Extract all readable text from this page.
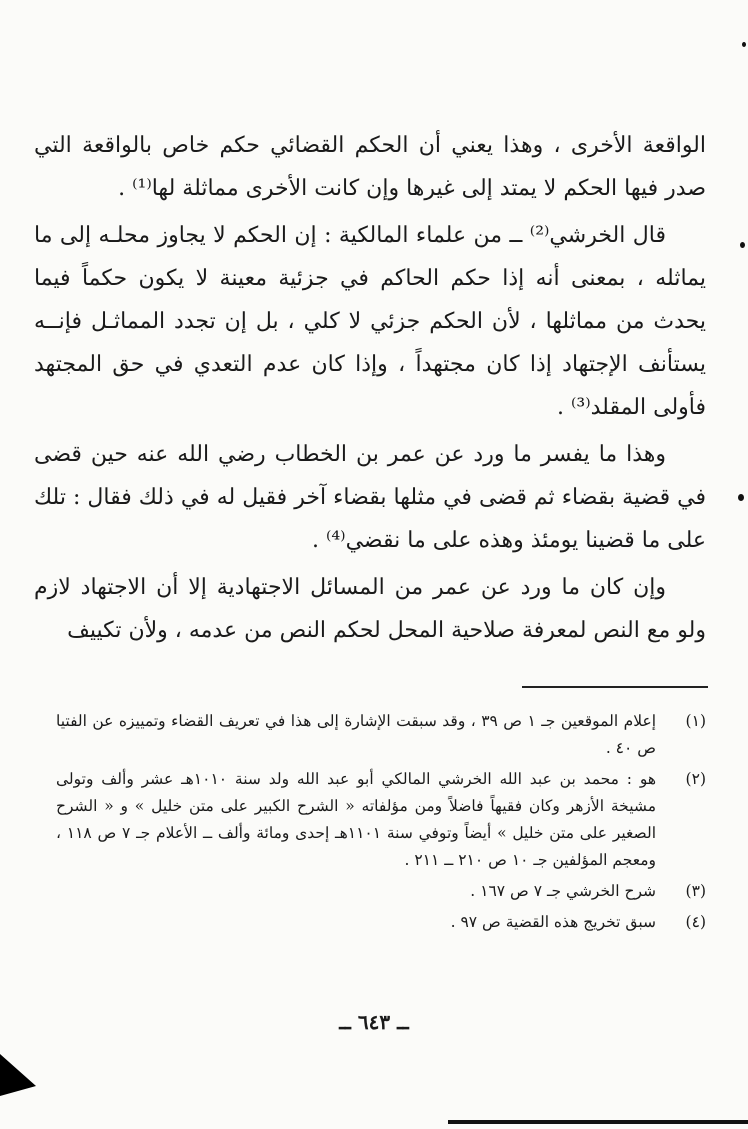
الواقعة الأخرى ، وهذا يعني أن الحكم القضائي حكم خاص بالواقعة التي صدر فيها الحكم لا يمتد إلى غيرها وإن كانت الأخرى مماثلة لها⁽¹⁾ .

قال الخرشي⁽²⁾ ــ من علماء المالكية : إن الحكم لا يجاوز محلـه إلى ما يماثله ، بمعنى أنه إذا حكم الحاكم في جزئية معينة لا يكون حكماً فيما يحدث من مماثلها ، لأن الحكم جزئي لا كلي ، بل إن تجدد المماثـل فإنــه يستأنف الإجتهاد إذا كان مجتهداً ، وإذا كان عدم التعدي في حق المجتهد فأولى المقلد⁽³⁾ .

وهذا ما يفسر ما ورد عن عمر بن الخطاب رضي الله عنه حين قضى في قضية بقضاء ثم قضى في مثلها بقضاء آخر فقيل له في ذلك فقال : تلك على ما قضينا يومئذ وهذه على ما نقضي⁽⁴⁾ .

وإن كان ما ورد عن عمر من المسائل الاجتهادية إلا أن الاجتهاد لازم ولو مع النص لمعرفة صلاحية المحل لحكم النص من عدمه ، ولأن تكييف

(١)
إعلام الموقعين جـ ١ ص ٣٩ ، وقد سبقت الإشارة إلى هذا في تعريف القضاء وتمييزه عن الفتيا ص ٤٠ .
(٢)
هو : محمد بن عبد الله الخرشي المالكي أبو عبد الله ولد سنة ١٠١٠هـ عشر وألف وتولى مشيخة الأزهر وكان فقيهاً فاضلاً ومن مؤلفاته « الشرح الكبير على متن خليل » و « الشرح الصغير على متن خليل » أيضاً وتوفي سنة ١١٠١هـ إحدى ومائة وألف ــ الأعلام جـ ٧ ص ١١٨ ، ومعجم المؤلفين جـ ١٠ ص ٢١٠ ــ ٢١١ .
(٣)
شرح الخرشي جـ ٧ ص ١٦٧ .
(٤)
سبق تخريج هذه القضية ص ٩٧ .
ــ ٦٤٣ ــ
